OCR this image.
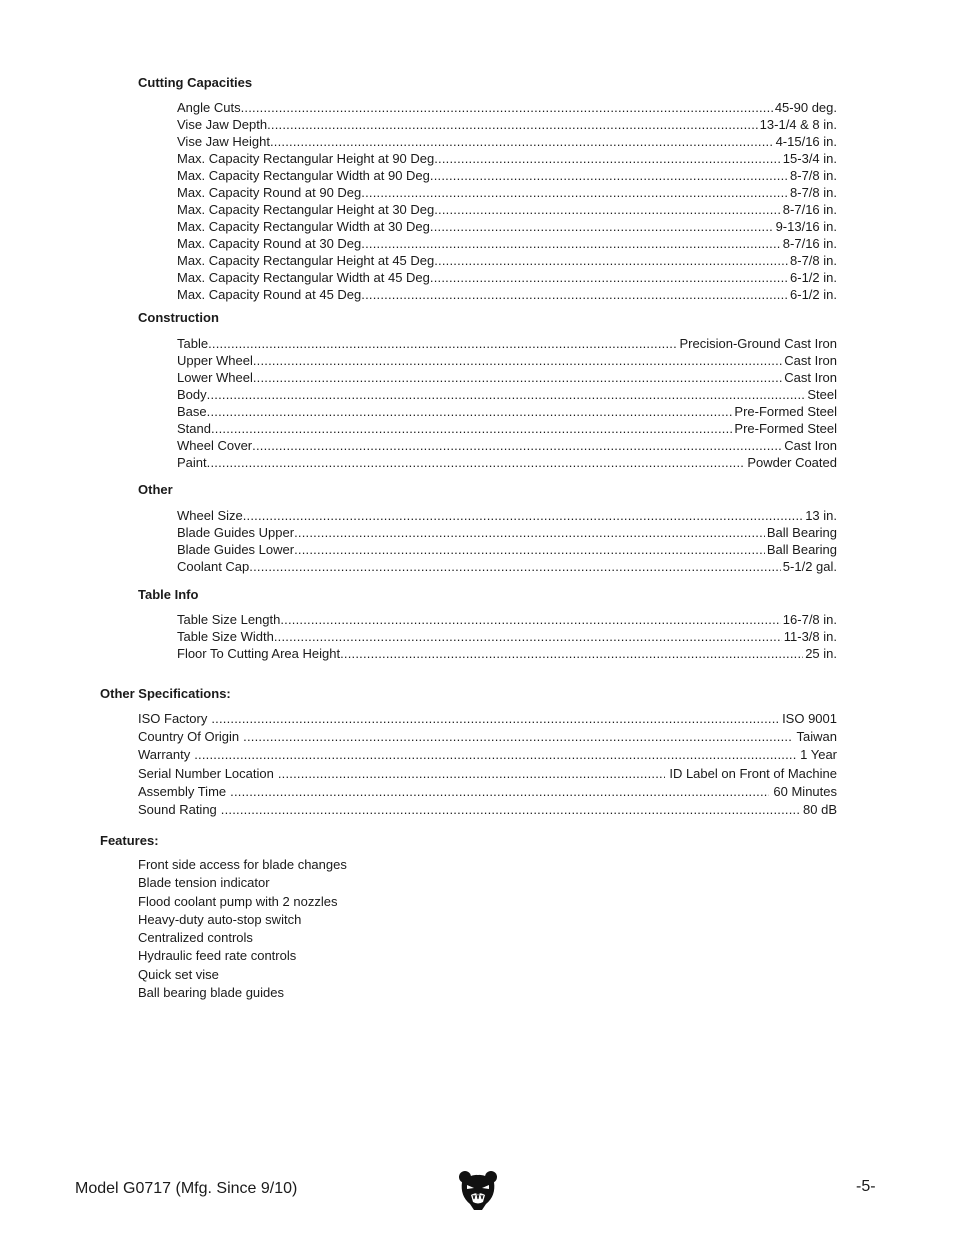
Cutting Capacities
Angle Cuts .....	45-90 deg.
Vise Jaw Depth .....	13-1/4 & 8 in.
Vise Jaw Height .....	4-15/16 in.
Max. Capacity Rectangular Height at 90 Deg .....	15-3/4 in.
Max. Capacity Rectangular Width at 90 Deg .....	8-7/8 in.
Max. Capacity Round at 90 Deg .....	8-7/8 in.
Max. Capacity Rectangular Height at 30 Deg .....	8-7/16 in.
Max. Capacity Rectangular Width at 30 Deg .....	9-13/16 in.
Max. Capacity Round at 30 Deg .....	8-7/16 in.
Max. Capacity Rectangular Height at 45 Deg .....	8-7/8 in.
Max. Capacity Rectangular Width at 45 Deg .....	6-1/2 in.
Max. Capacity Round at 45 Deg .....	6-1/2 in.
Construction
Table .....	Precision-Ground Cast Iron
Upper Wheel .....	Cast Iron
Lower Wheel .....	Cast Iron
Body .....	Steel
Base .....	Pre-Formed Steel
Stand .....	Pre-Formed Steel
Wheel Cover .....	Cast Iron
Paint .....	Powder Coated
Other
Wheel Size .....	13 in.
Blade Guides Upper .....	Ball Bearing
Blade Guides Lower .....	Ball Bearing
Coolant Cap .....	5-1/2 gal.
Table Info
Table Size Length .....	16-7/8 in.
Table Size Width .....	11-3/8 in.
Floor To Cutting Area Height .....	25 in.
Other Specifications:
ISO Factory .....	ISO 9001
Country Of Origin .....	Taiwan
Warranty .....	1 Year
Serial Number Location .....	ID Label on Front of Machine
Assembly Time .....	60 Minutes
Sound Rating .....	80 dB
Features:
Front side access for blade changes
Blade tension indicator
Flood coolant pump with 2 nozzles
Heavy-duty auto-stop switch
Centralized controls
Hydraulic feed rate controls
Quick set vise
Ball bearing blade guides
Model G0717 (Mfg. Since 9/10)	-5-
